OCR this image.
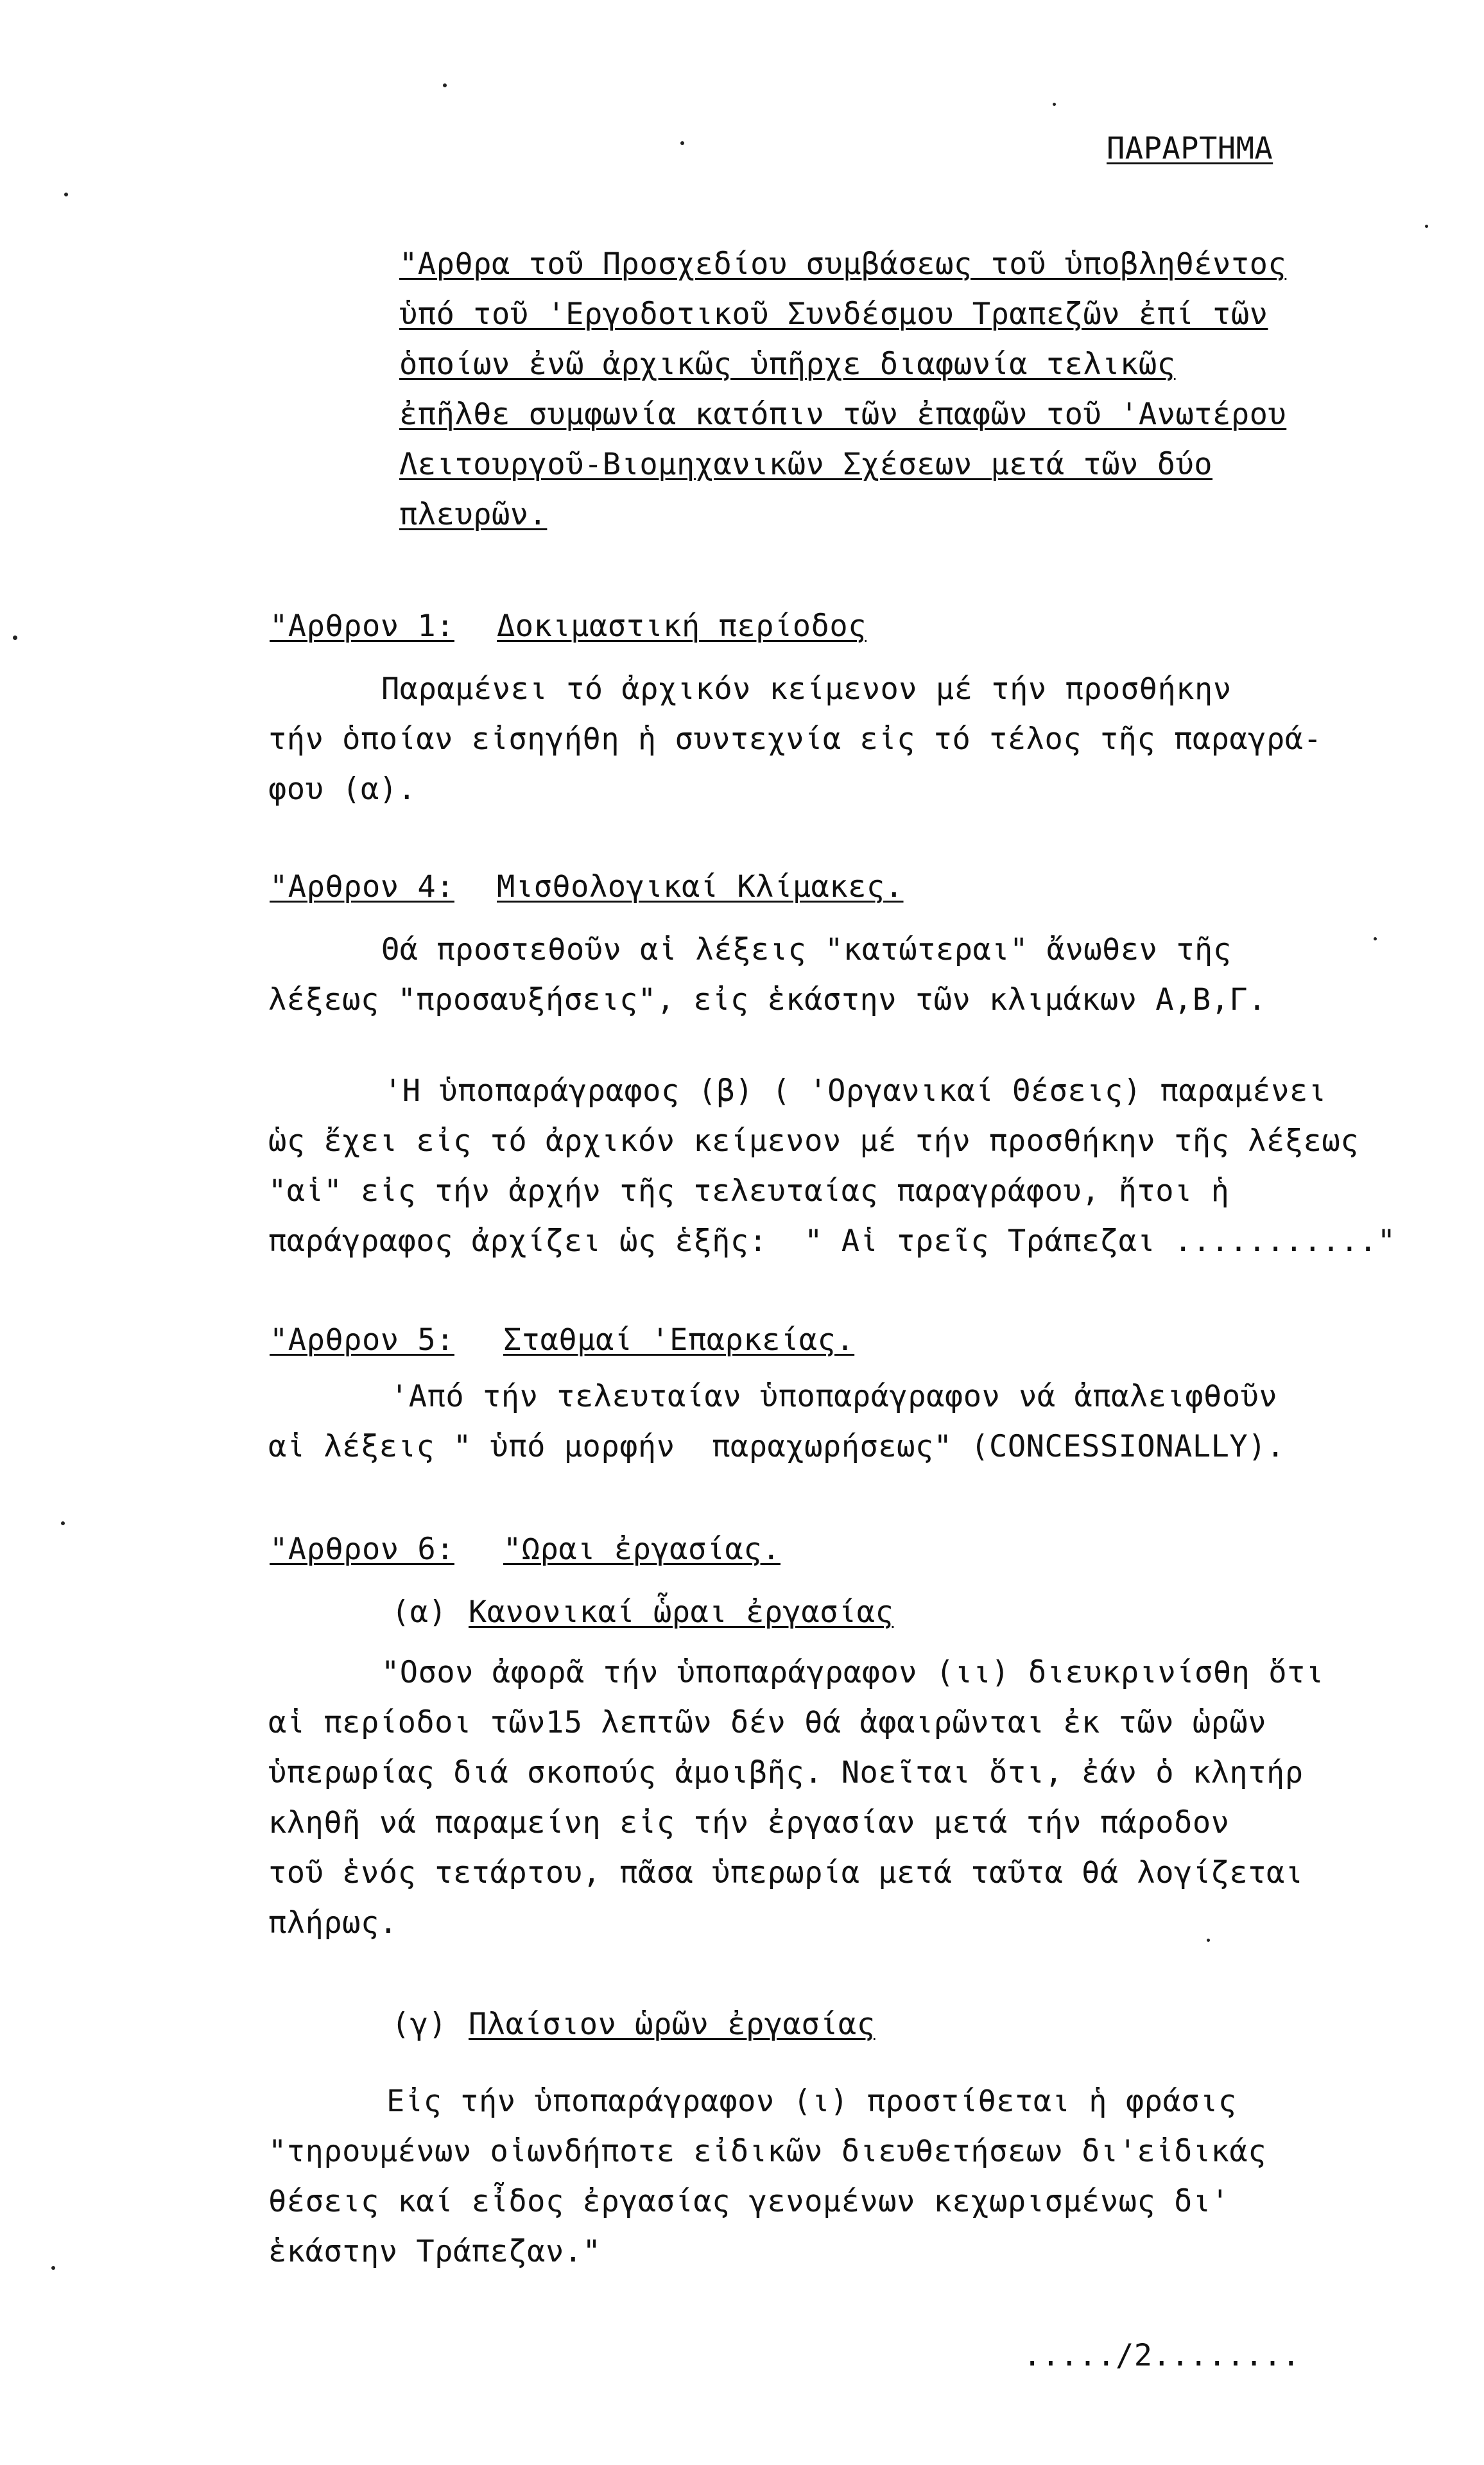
ΠΑΡΑΡΤΗΜΑ
"Αρθρα τοῦ Προσχεδίου συμβάσεως τοῦ ὑποβληθέντος
ὑπό τοῦ 'Εργοδοτικοῦ Συνδέσμου Τραπεζῶν ἐπί τῶν
ὁποίων ἐνῶ ἀρχικῶς ὑπῆρχε διαφωνία τελικῶς
ἐπῆλθε συμφωνία κατόπιν τῶν ἐπαφῶν τοῦ 'Ανωτέρου
Λειτουργοῦ-Βιομηχανικῶν Σχέσεων μετά τῶν δύο
πλευρῶν.
"Αρθρον 1: Δοκιμαστική περίοδος
Παραμένει τό ἀρχικόν κείμενον μέ τήν προσθήκην
τήν ὁποίαν εἰσηγήθη ἡ συντεχνία εἰς τό τέλος τῆς παραγρά-
φου (α).
"Αρθρον 4: Μισθολογικαί Κλίμακες.
Θά προστεθοῦν αἱ λέξεις "κατώτεραι" ἄνωθεν τῆς
λέξεως "προσαυξήσεις", εἰς ἑκάστην τῶν κλιμάκων Α,Β,Γ.
'Η ὑποπαράγραφος (β) ( 'Οργανικαί Θέσεις) παραμένει
ὡς ἔχει εἰς τό ἀρχικόν κείμενον μέ τήν προσθήκην τῆς λέξεως
"αἱ" εἰς τήν ἀρχήν τῆς τελευταίας παραγράφου, ἤτοι ἡ
παράγραφος ἀρχίζει ὡς ἑξῆς:  " Αἱ τρεῖς Τράπεζαι ..........."
"Αρθρον 5: Σταθμαί 'Επαρκείας.
'Από τήν τελευταίαν ὑποπαράγραφον νά ἀπαλειφθοῦν
αἱ λέξεις " ὑπό μορφήν  παραχωρήσεως" (CONCESSIONALLY).
"Αρθρον 6: "Ωραι ἐργασίας.
(α) Κανονικαί ὧραι ἐργασίας
"Οσον ἀφορᾶ τήν ὑποπαράγραφον (ιι) διευκρινίσθη ὅτι
αἱ περίοδοι τῶν15 λεπτῶν δέν θά ἀφαιρῶνται ἐκ τῶν ὡρῶν
ὑπερωρίας διά σκοπούς ἀμοιβῆς. Νοεῖται ὅτι, ἐάν ὁ κλητήρ
κληθῆ νά παραμείνη εἰς τήν ἐργασίαν μετά τήν πάροδον
τοῦ ἑνός τετάρτου, πᾶσα ὑπερωρία μετά ταῦτα θά λογίζεται
πλήρως.
(γ) Πλαίσιον ὡρῶν ἐργασίας
Εἰς τήν ὑποπαράγραφον (ι) προστίθεται ἡ φράσις
"τηρουμένων οἱωνδήποτε εἰδικῶν διευθετήσεων δι'εἰδικάς
θέσεις καί εἶδος ἐργασίας γενομένων κεχωρισμένως δι'
ἑκάστην Τράπεζαν."
...../2........
